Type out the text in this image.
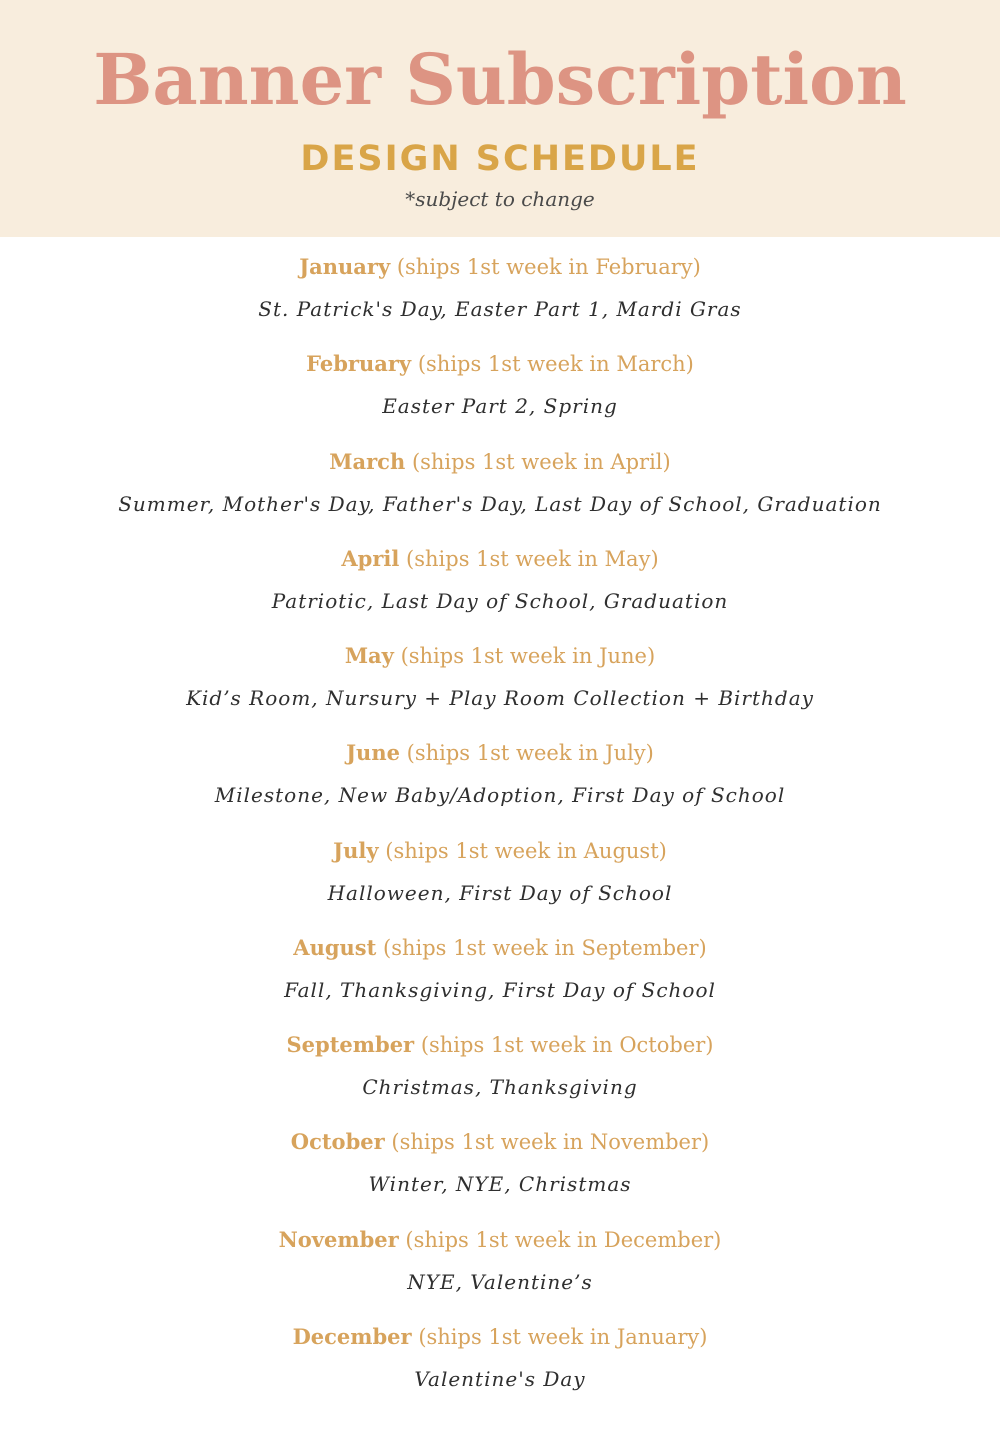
Banner Subscription
DESIGN SCHEDULE
*subject to change
January (ships 1st week in February)
St. Patrick's Day, Easter Part 1, Mardi Gras
February (ships 1st week in March)
Easter Part 2, Spring
March (ships 1st week in April)
Summer, Mother's Day, Father's Day, Last Day of School, Graduation
April (ships 1st week in May)
Patriotic, Last Day of School, Graduation
May (ships 1st week in June)
Kid’s Room, Nursury + Play Room Collection + Birthday
June (ships 1st week in July)
Milestone, New Baby/Adoption, First Day of School
July (ships 1st week in August)
Halloween, First Day of School
August (ships 1st week in September)
Fall, Thanksgiving, First Day of School
September (ships 1st week in October)
Christmas, Thanksgiving
October (ships 1st week in November)
Winter, NYE, Christmas
November (ships 1st week in December)
NYE, Valentine’s
December (ships 1st week in January)
Valentine's Day
